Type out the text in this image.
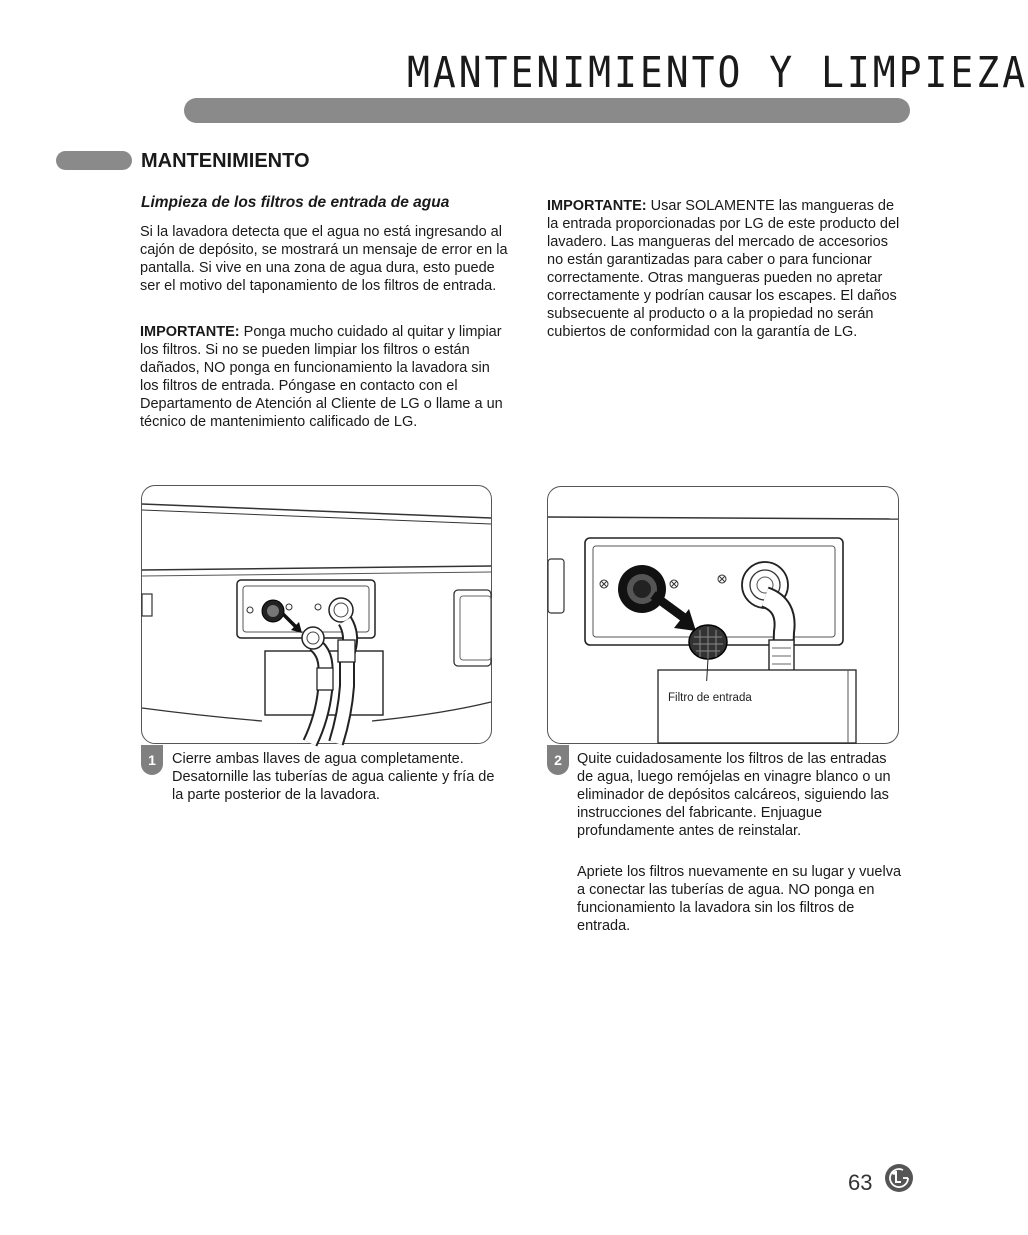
MANTENIMIENTO Y LIMPIEZA
MANTENIMIENTO
Limpieza de los filtros de entrada de agua
Si la lavadora detecta que el agua no está ingresando al cajón de depósito, se mostrará un mensaje de error en la pantalla. Si vive en una zona de agua dura, esto puede ser el motivo del taponamiento de los filtros de entrada.
IMPORTANTE: Ponga mucho cuidado al quitar y limpiar los filtros. Si no se pueden limpiar los filtros o están dañados, NO ponga en funcionamiento la lavadora sin los filtros de entrada. Póngase en contacto con el Departamento de Atención al Cliente de LG o llame a un técnico de mantenimiento calificado de LG.
IMPORTANTE: Usar SOLAMENTE las mangueras de la entrada proporcionadas por LG de este producto del lavadero. Las mangueras del mercado de accesorios no están garantizadas para caber o para funcionar correctamente. Otras mangueras pueden no apretar correctamente y podrían causar los escapes. El daños subsecuente al producto o a la propiedad no serán cubiertos de conformidad con la garantía de LG.
1	Cierre ambas llaves de agua completamente. Desatornille las tuberías de agua caliente y fría de la parte posterior de la lavadora.
Filtro de entrada
2	Quite cuidadosamente los filtros de las entradas de agua, luego remójelas en vinagre blanco o un eliminador de depósitos calcáreos, siguiendo las instrucciones del fabricante. Enjuague profundamente antes de reinstalar.
Apriete los filtros nuevamente en su lugar y vuelva a conectar las tuberías de agua. NO ponga en funcionamiento la lavadora sin los filtros de entrada.
63
